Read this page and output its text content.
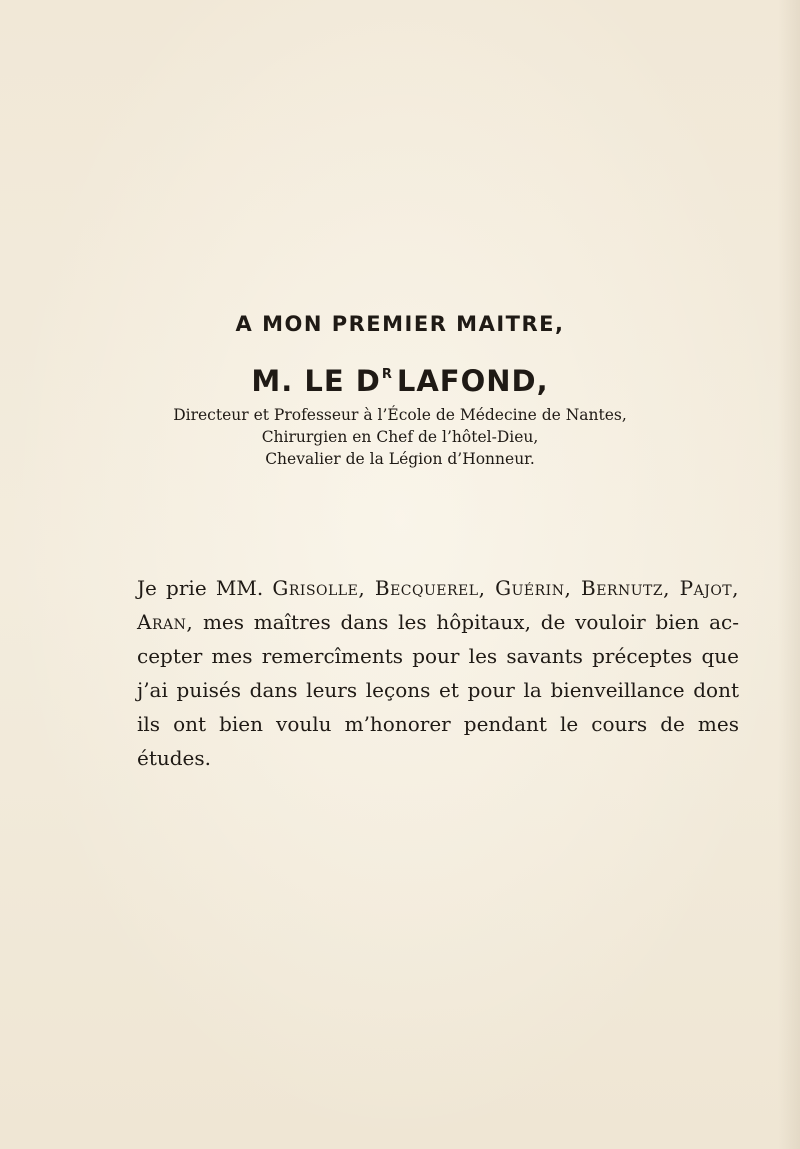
A MON PREMIER MAITRE,
M. LE $D^R$ LAFOND,
Directeur et Professeur à l’École de Médecine de Nantes,
Chirurgien en Chef de l’hôtel-Dieu,
Chevalier de la Légion d’Honneur.
Je prie MM. Grisolle, Becquerel, Guérin, Bernutz, Pajot,
Aran, mes maîtres dans les hôpitaux, de vouloir bien ac-
cepter mes remercîments pour les savants préceptes que
j’ai puisés dans leurs leçons et pour la bienveillance dont
ils ont bien voulu m’honorer pendant le cours de mes
études.
